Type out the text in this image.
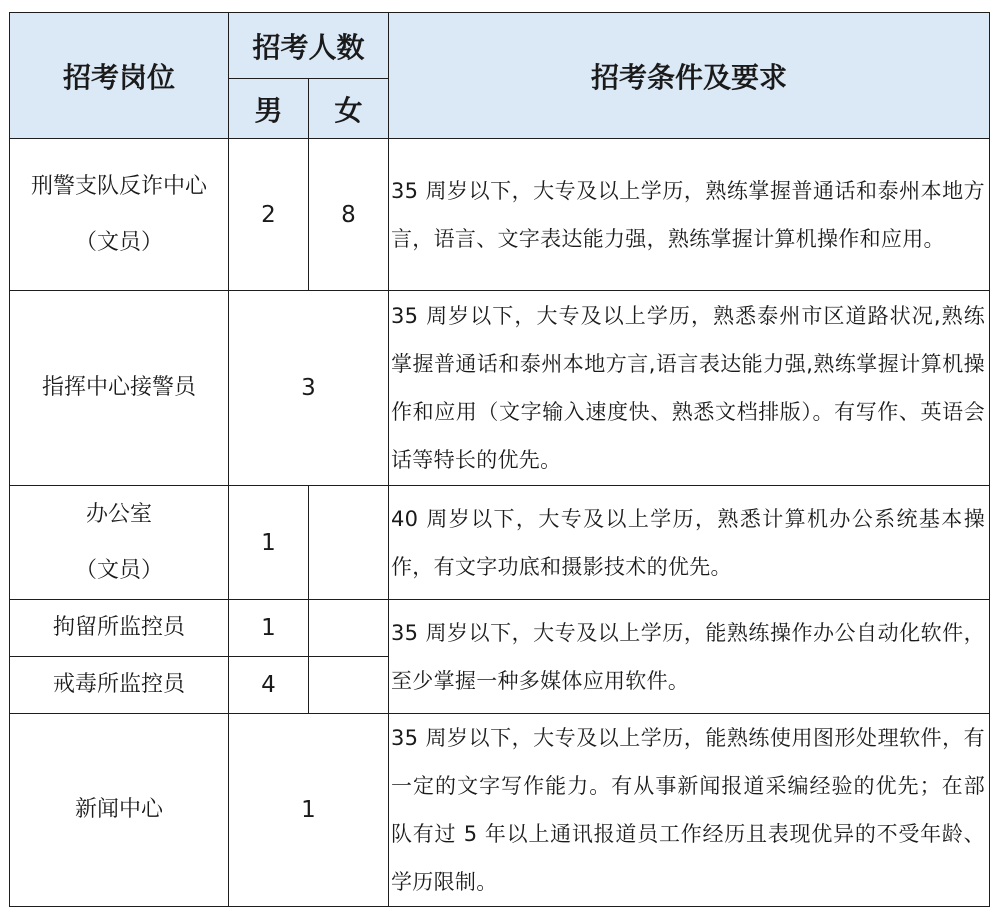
招考岗位	招考人数		招考条件及要求
	男	女	

刑警支队反诈中心
（文员）	2	8	35 周岁以下，大专及以上学历，熟练掌握普通话和泰州本地方言，语言、文字表达能力强，熟练掌握计算机操作和应用。
指挥中心接警员	3		35 周岁以下，大专及以上学历，熟悉泰州市区道路状况,熟练掌握普通话和泰州本地方言,语言表达能力强,熟练掌握计算机操作和应用（文字输入速度快、熟悉文档排版）。有写作、英语会话等特长的优先。

办公室
（文员）	1		40 周岁以下，大专及以上学历，熟悉计算机办公系统基本操作，有文字功底和摄影技术的优先。
拘留所监控员	1		35 周岁以下，大专及以上学历，能熟练操作办公自动化软件，至少掌握一种多媒体应用软件。
戒毒所监控员	4		
新闻中心	1		35 周岁以下，大专及以上学历，能熟练使用图形处理软件，有一定的文字写作能力。有从事新闻报道采编经验的优先；在部队有过 5 年以上通讯报道员工作经历且表现优异的不受年龄、学历限制。
